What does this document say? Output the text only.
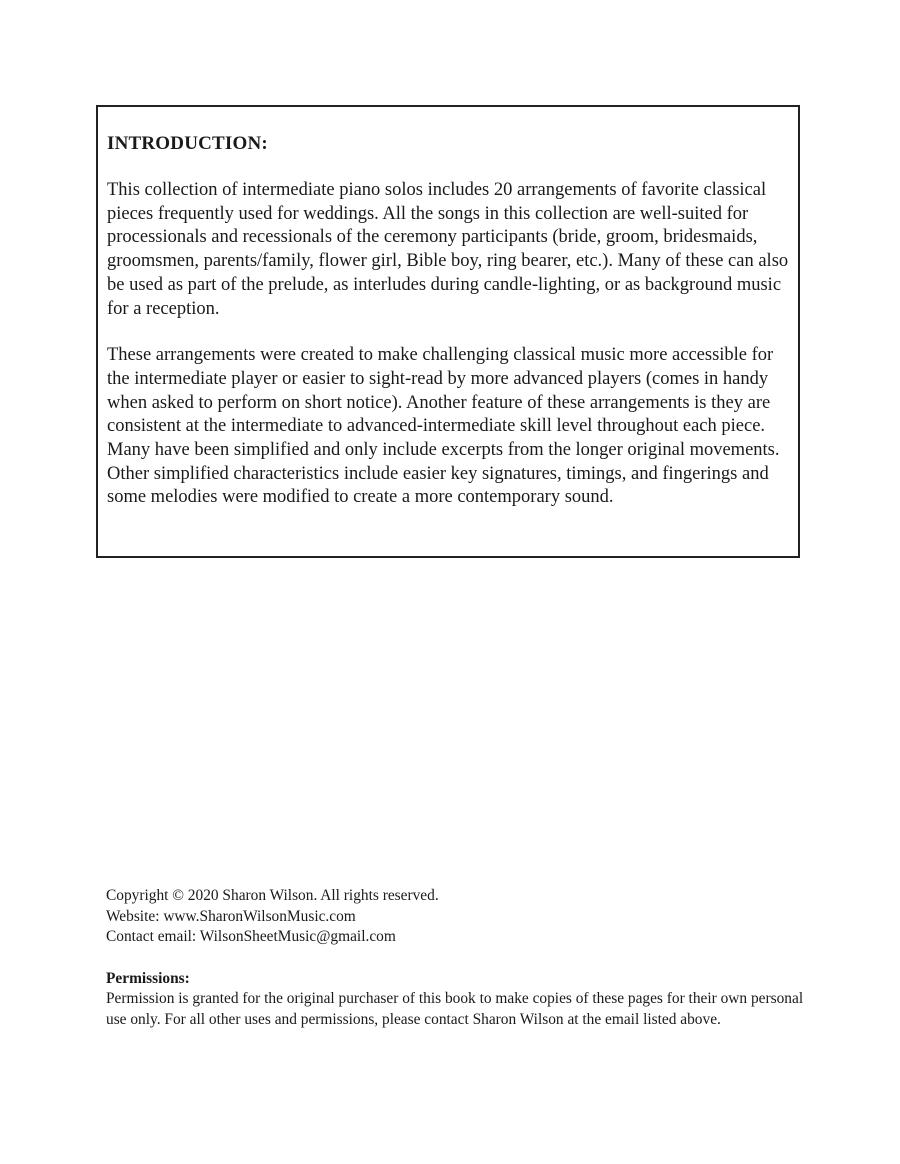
INTRODUCTION:

This collection of intermediate piano solos includes 20 arrangements of favorite classical pieces frequently used for weddings. All the songs in this collection are well-suited for processionals and recessionals of the ceremony participants (bride, groom, bridesmaids, groomsmen, parents/family, flower girl, Bible boy, ring bearer, etc.). Many of these can also be used as part of the prelude, as interludes during candle-lighting, or as background music for a reception.

These arrangements were created to make challenging classical music more accessible for the intermediate player or easier to sight-read by more advanced players (comes in handy when asked to perform on short notice). Another feature of these arrangements is they are consistent at the intermediate to advanced-intermediate skill level throughout each piece. Many have been simplified and only include excerpts from the longer original movements. Other simplified characteristics include easier key signatures, timings, and fingerings and some melodies were modified to create a more contemporary sound.

Copyright © 2020 Sharon Wilson. All rights reserved.
Website: www.SharonWilsonMusic.com
Contact email: WilsonSheetMusic@gmail.com
Permissions:
Permission is granted for the original purchaser of this book to make copies of these pages for their own personal use only. For all other uses and permissions, please contact Sharon Wilson at the email listed above.
